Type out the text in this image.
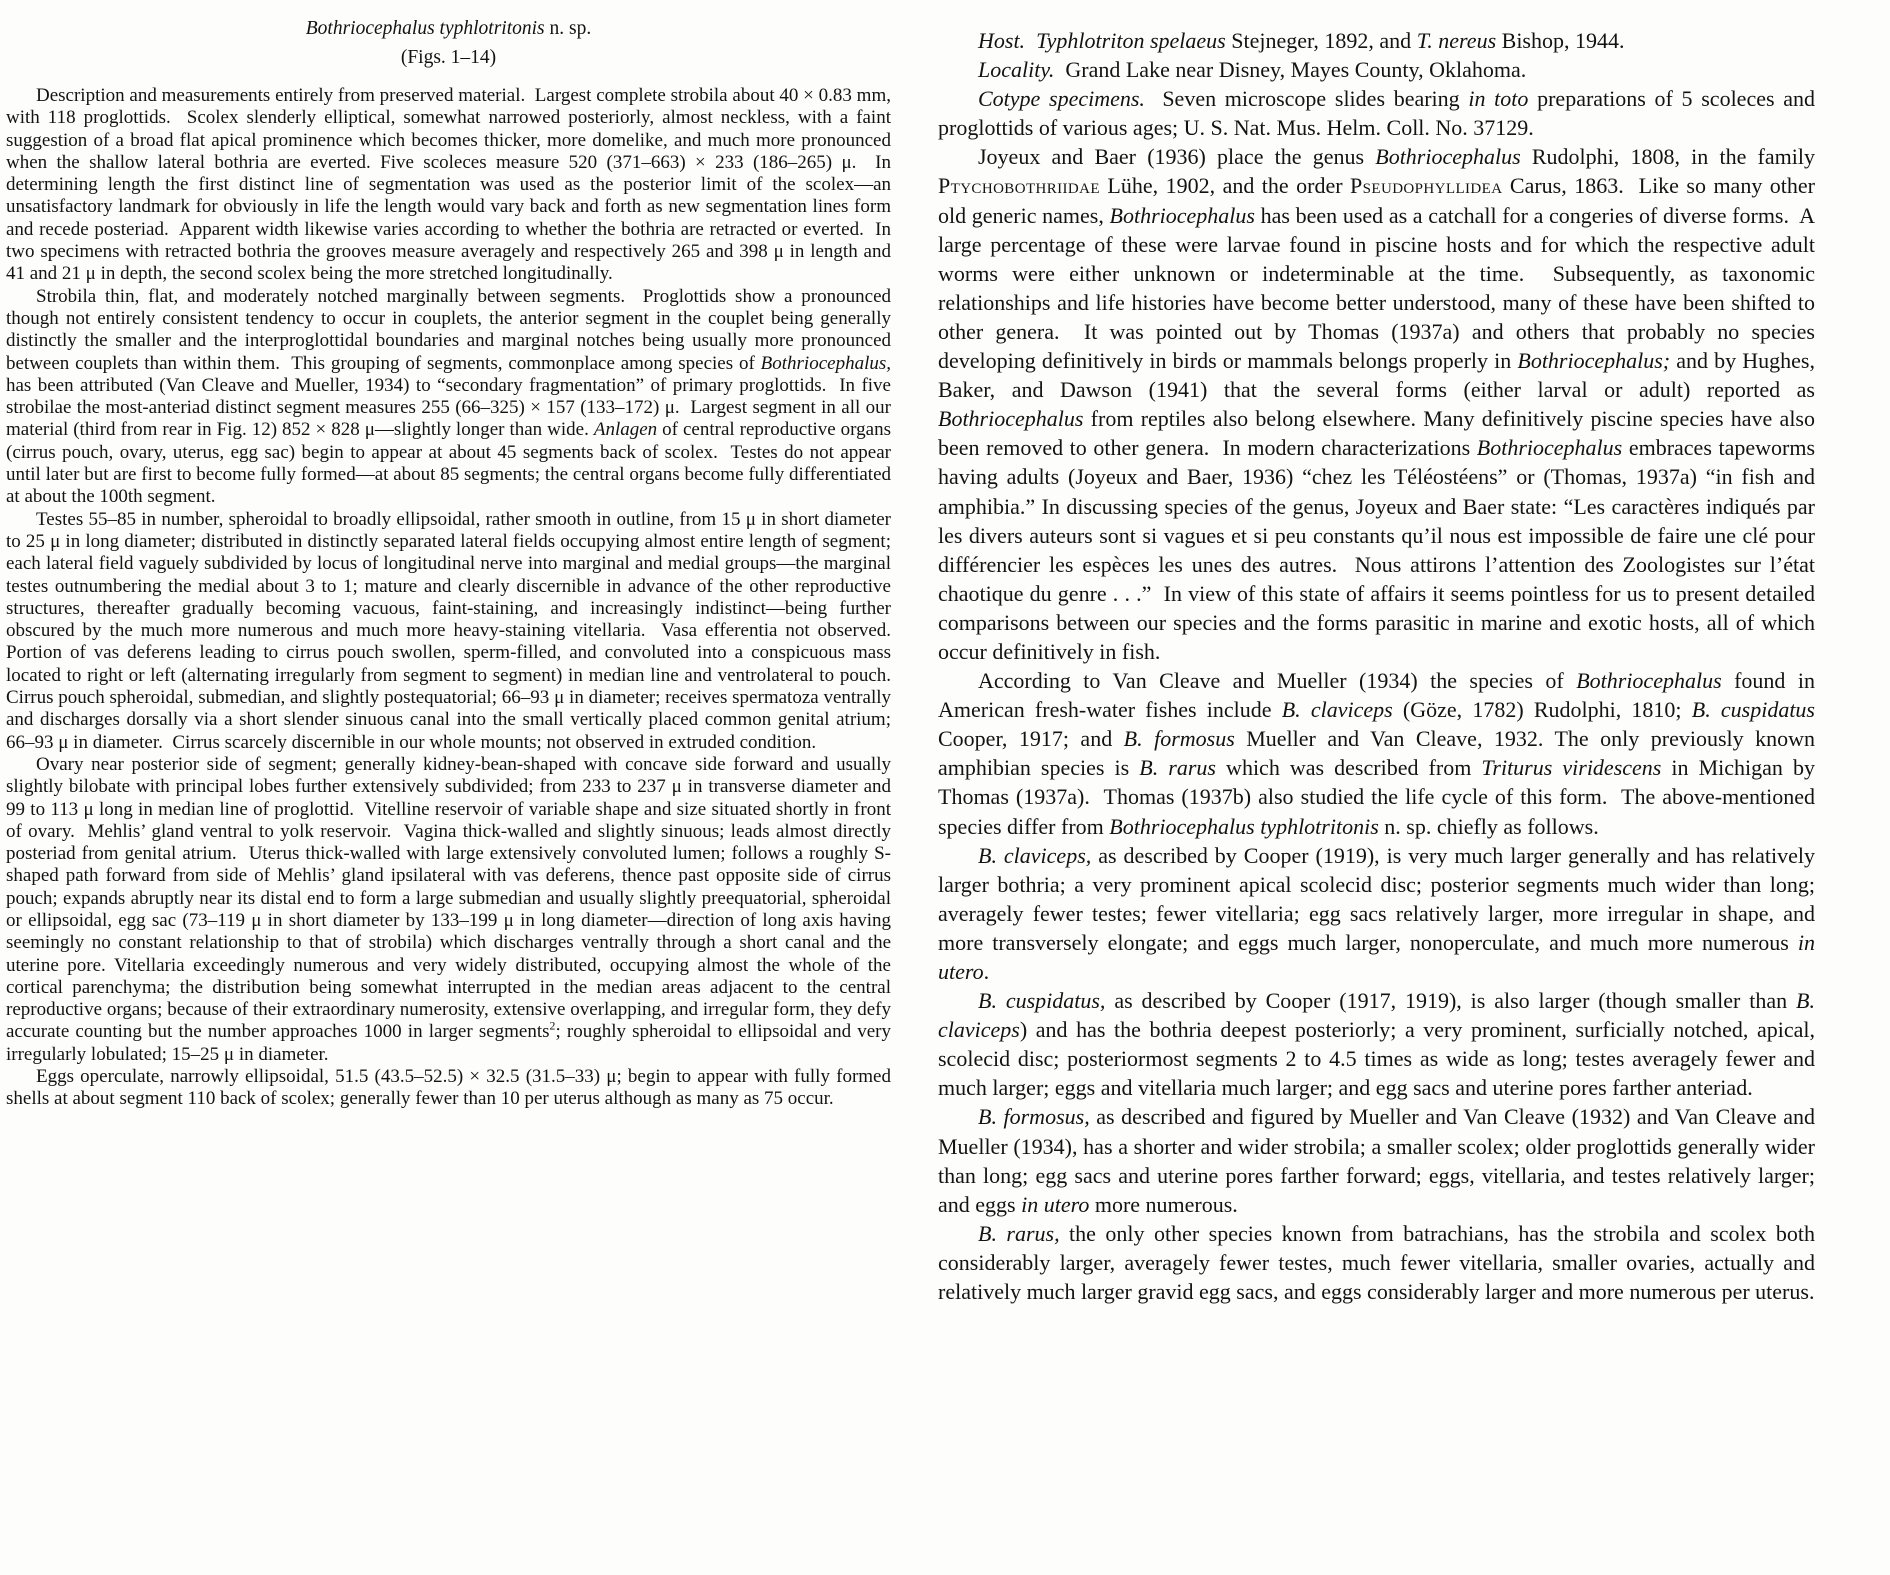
Bothriocephalus typhlotritonis n. sp.
(Figs. 1–14)

Description and measurements entirely from preserved material.  Largest complete strobila about 40 × 0.83 mm, with 118 proglottids.  Scolex slenderly elliptical, somewhat narrowed posteriorly, almost neckless, with a faint suggestion of a broad flat apical prominence which becomes thicker, more domelike, and much more pronounced when the shallow lateral bothria are everted. Five scoleces measure 520 (371–663) × 233 (186–265) μ.  In determining length the first distinct line of segmentation was used as the posterior limit of the scolex—an unsatisfactory landmark for obviously in life the length would vary back and forth as new segmentation lines form and recede posteriad.  Apparent width likewise varies according to whether the bothria are retracted or everted.  In two specimens with retracted bothria the grooves measure averagely and respectively 265 and 398 μ in length and 41 and 21 μ in depth, the second scolex being the more stretched longitudinally.

Strobila thin, flat, and moderately notched marginally between segments.  Proglottids show a pronounced though not entirely consistent tendency to occur in couplets, the anterior segment in the couplet being generally distinctly the smaller and the interproglottidal boundaries and marginal notches being usually more pronounced between couplets than within them.  This grouping of segments, commonplace among species of Bothriocephalus, has been attributed (Van Cleave and Mueller, 1934) to “secondary fragmentation” of primary proglottids.  In five strobilae the most-anteriad distinct segment measures 255 (66–325) × 157 (133–172) μ.  Largest segment in all our material (third from rear in Fig. 12) 852 × 828 μ—slightly longer than wide. Anlagen of central reproductive organs (cirrus pouch, ovary, uterus, egg sac) begin to appear at about 45 segments back of scolex.  Testes do not appear until later but are first to become fully formed—at about 85 segments; the central organs become fully differentiated at about the 100th segment.

Testes 55–85 in number, spheroidal to broadly ellipsoidal, rather smooth in outline, from 15 μ in short diameter to 25 μ in long diameter; distributed in distinctly separated lateral fields occupying almost entire length of segment; each lateral field vaguely subdivided by locus of longitudinal nerve into marginal and medial groups—the marginal testes outnumbering the medial about 3 to 1; mature and clearly discernible in advance of the other reproductive structures, thereafter gradually becoming vacuous, faint-staining, and increasingly indistinct—being further obscured by the much more numerous and much more heavy-staining vitellaria.  Vasa efferentia not observed.  Portion of vas deferens leading to cirrus pouch swollen, sperm-filled, and convoluted into a conspicuous mass located to right or left (alternating irregularly from segment to segment) in median line and ventrolateral to pouch.  Cirrus pouch spheroidal, submedian, and slightly postequatorial; 66–93 μ in diameter; receives spermatoza ventrally and discharges dorsally via a short slender sinuous canal into the small vertically placed common genital atrium; 66–93 μ in diameter.  Cirrus scarcely discernible in our whole mounts; not observed in extruded condition.

Ovary near posterior side of segment; generally kidney-bean-shaped with concave side forward and usually slightly bilobate with principal lobes further extensively subdivided; from 233 to 237 μ in transverse diameter and 99 to 113 μ long in median line of proglottid.  Vitelline reservoir of variable shape and size situated shortly in front of ovary.  Mehlis’ gland ventral to yolk reservoir.  Vagina thick-walled and slightly sinuous; leads almost directly posteriad from genital atrium.  Uterus thick-walled with large extensively convoluted lumen; follows a roughly S-shaped path forward from side of Mehlis’ gland ipsilateral with vas deferens, thence past opposite side of cirrus pouch; expands abruptly near its distal end to form a large submedian and usually slightly preequatorial, spheroidal or ellipsoidal, egg sac (73–119 μ in short diameter by 133–199 μ in long diameter—direction of long axis having seemingly no constant relationship to that of strobila) which discharges ventrally through a short canal and the uterine pore. Vitellaria exceedingly numerous and very widely distributed, occupying almost the whole of the cortical parenchyma; the distribution being somewhat interrupted in the median areas adjacent to the central reproductive organs; because of their extraordinary numerosity, extensive overlapping, and irregular form, they defy accurate counting but the number approaches 1000 in larger segments$^2$; roughly spheroidal to ellipsoidal and very irregularly lobulated; 15–25 μ in diameter.

Eggs operculate, narrowly ellipsoidal, 51.5 (43.5–52.5) × 32.5 (31.5–33) μ; begin to appear with fully formed shells at about segment 110 back of scolex; generally fewer than 10 per uterus although as many as 75 occur.

Host. Typhlotriton spelaeus Stejneger, 1892, and T. nereus Bishop, 1944.

Locality.  Grand Lake near Disney, Mayes County, Oklahoma.

Cotype specimens.  Seven microscope slides bearing in toto preparations of 5 scoleces and proglottids of various ages; U. S. Nat. Mus. Helm. Coll. No. 37129.

Joyeux and Baer (1936) place the genus Bothriocephalus Rudolphi, 1808, in the family Ptychobothriidae Lühe, 1902, and the order Pseudophyllidea Carus, 1863.  Like so many other old generic names, Bothriocephalus has been used as a catchall for a congeries of diverse forms.  A large percentage of these were larvae found in piscine hosts and for which the respective adult worms were either unknown or indeterminable at the time.  Subsequently, as taxonomic relationships and life histories have become better understood, many of these have been shifted to other genera.  It was pointed out by Thomas (1937a) and others that probably no species developing definitively in birds or mammals belongs properly in Bothriocephalus; and by Hughes, Baker, and Dawson (1941) that the several forms (either larval or adult) reported as Bothriocephalus from reptiles also belong elsewhere. Many definitively piscine species have also been removed to other genera.  In modern characterizations Bothriocephalus embraces tapeworms having adults (Joyeux and Baer, 1936) “chez les Téléostéens” or (Thomas, 1937a) “in fish and amphibia.” In discussing species of the genus, Joyeux and Baer state: “Les caractères indiqués par les divers auteurs sont si vagues et si peu constants qu’il nous est impossible de faire une clé pour différencier les espèces les unes des autres.  Nous attirons l’attention des Zoologistes sur l’état chaotique du genre . . .”  In view of this state of affairs it seems pointless for us to present detailed comparisons between our species and the forms parasitic in marine and exotic hosts, all of which occur definitively in fish.

According to Van Cleave and Mueller (1934) the species of Bothriocephalus found in American fresh-water fishes include B. claviceps (Göze, 1782) Rudolphi, 1810; B. cuspidatus Cooper, 1917; and B. formosus Mueller and Van Cleave, 1932. The only previously known amphibian species is B. rarus which was described from Triturus viridescens in Michigan by Thomas (1937a).  Thomas (1937b) also studied the life cycle of this form.  The above-mentioned species differ from Bothriocephalus typhlotritonis n. sp. chiefly as follows.

B. claviceps, as described by Cooper (1919), is very much larger generally and has relatively larger bothria; a very prominent apical scolecid disc; posterior segments much wider than long; averagely fewer testes; fewer vitellaria; egg sacs relatively larger, more irregular in shape, and more transversely elongate; and eggs much larger, nonoperculate, and much more numerous in utero.

B. cuspidatus, as described by Cooper (1917, 1919), is also larger (though smaller than B. claviceps) and has the bothria deepest posteriorly; a very prominent, surficially notched, apical, scolecid disc; posteriormost segments 2 to 4.5 times as wide as long; testes averagely fewer and much larger; eggs and vitellaria much larger; and egg sacs and uterine pores farther anteriad.

B. formosus, as described and figured by Mueller and Van Cleave (1932) and Van Cleave and Mueller (1934), has a shorter and wider strobila; a smaller scolex; older proglottids generally wider than long; egg sacs and uterine pores farther forward; eggs, vitellaria, and testes relatively larger; and eggs in utero more numerous.

B. rarus, the only other species known from batrachians, has the strobila and scolex both considerably larger, averagely fewer testes, much fewer vitellaria, smaller ovaries, actually and relatively much larger gravid egg sacs, and eggs considerably larger and more numerous per uterus.
